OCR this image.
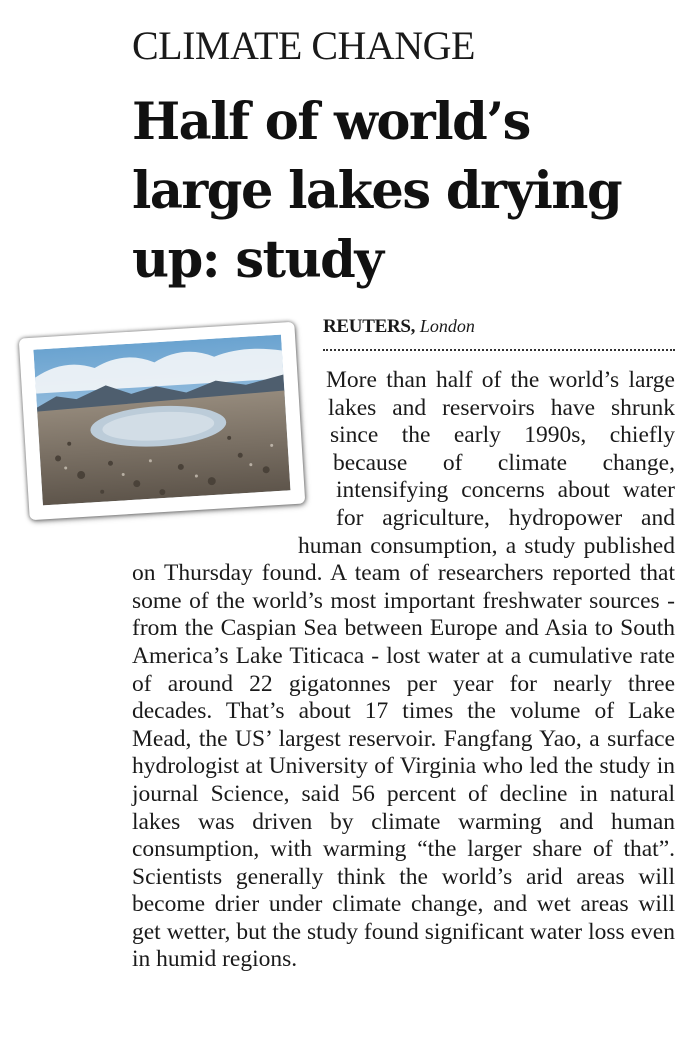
CLIMATE CHANGE
Half of world’s large lakes drying up: study
REUTERS, London

More than half of the world’s large lakes and reservoirs have shrunk since the early 1990s, chiefly because of climate change, intensifying concerns about water for agriculture, hydropower and human consumption, a study published on Thursday found. A team of researchers reported that some of the world’s most important freshwater sources - from the Caspian Sea between Europe and Asia to South America’s Lake Titicaca - lost water at a cumulative rate of around 22 gigatonnes per year for nearly three decades. That’s about 17 times the volume of Lake Mead, the US’ largest reservoir. Fangfang Yao, a surface hydrologist at University of Virginia who led the study in journal Science, said 56 percent of decline in natural lakes was driven by climate warming and human consumption, with warming “the larger share of that”. Scientists generally think the world’s arid areas will become drier under climate change, and wet areas will get wetter, but the study found significant water loss even in humid regions.
